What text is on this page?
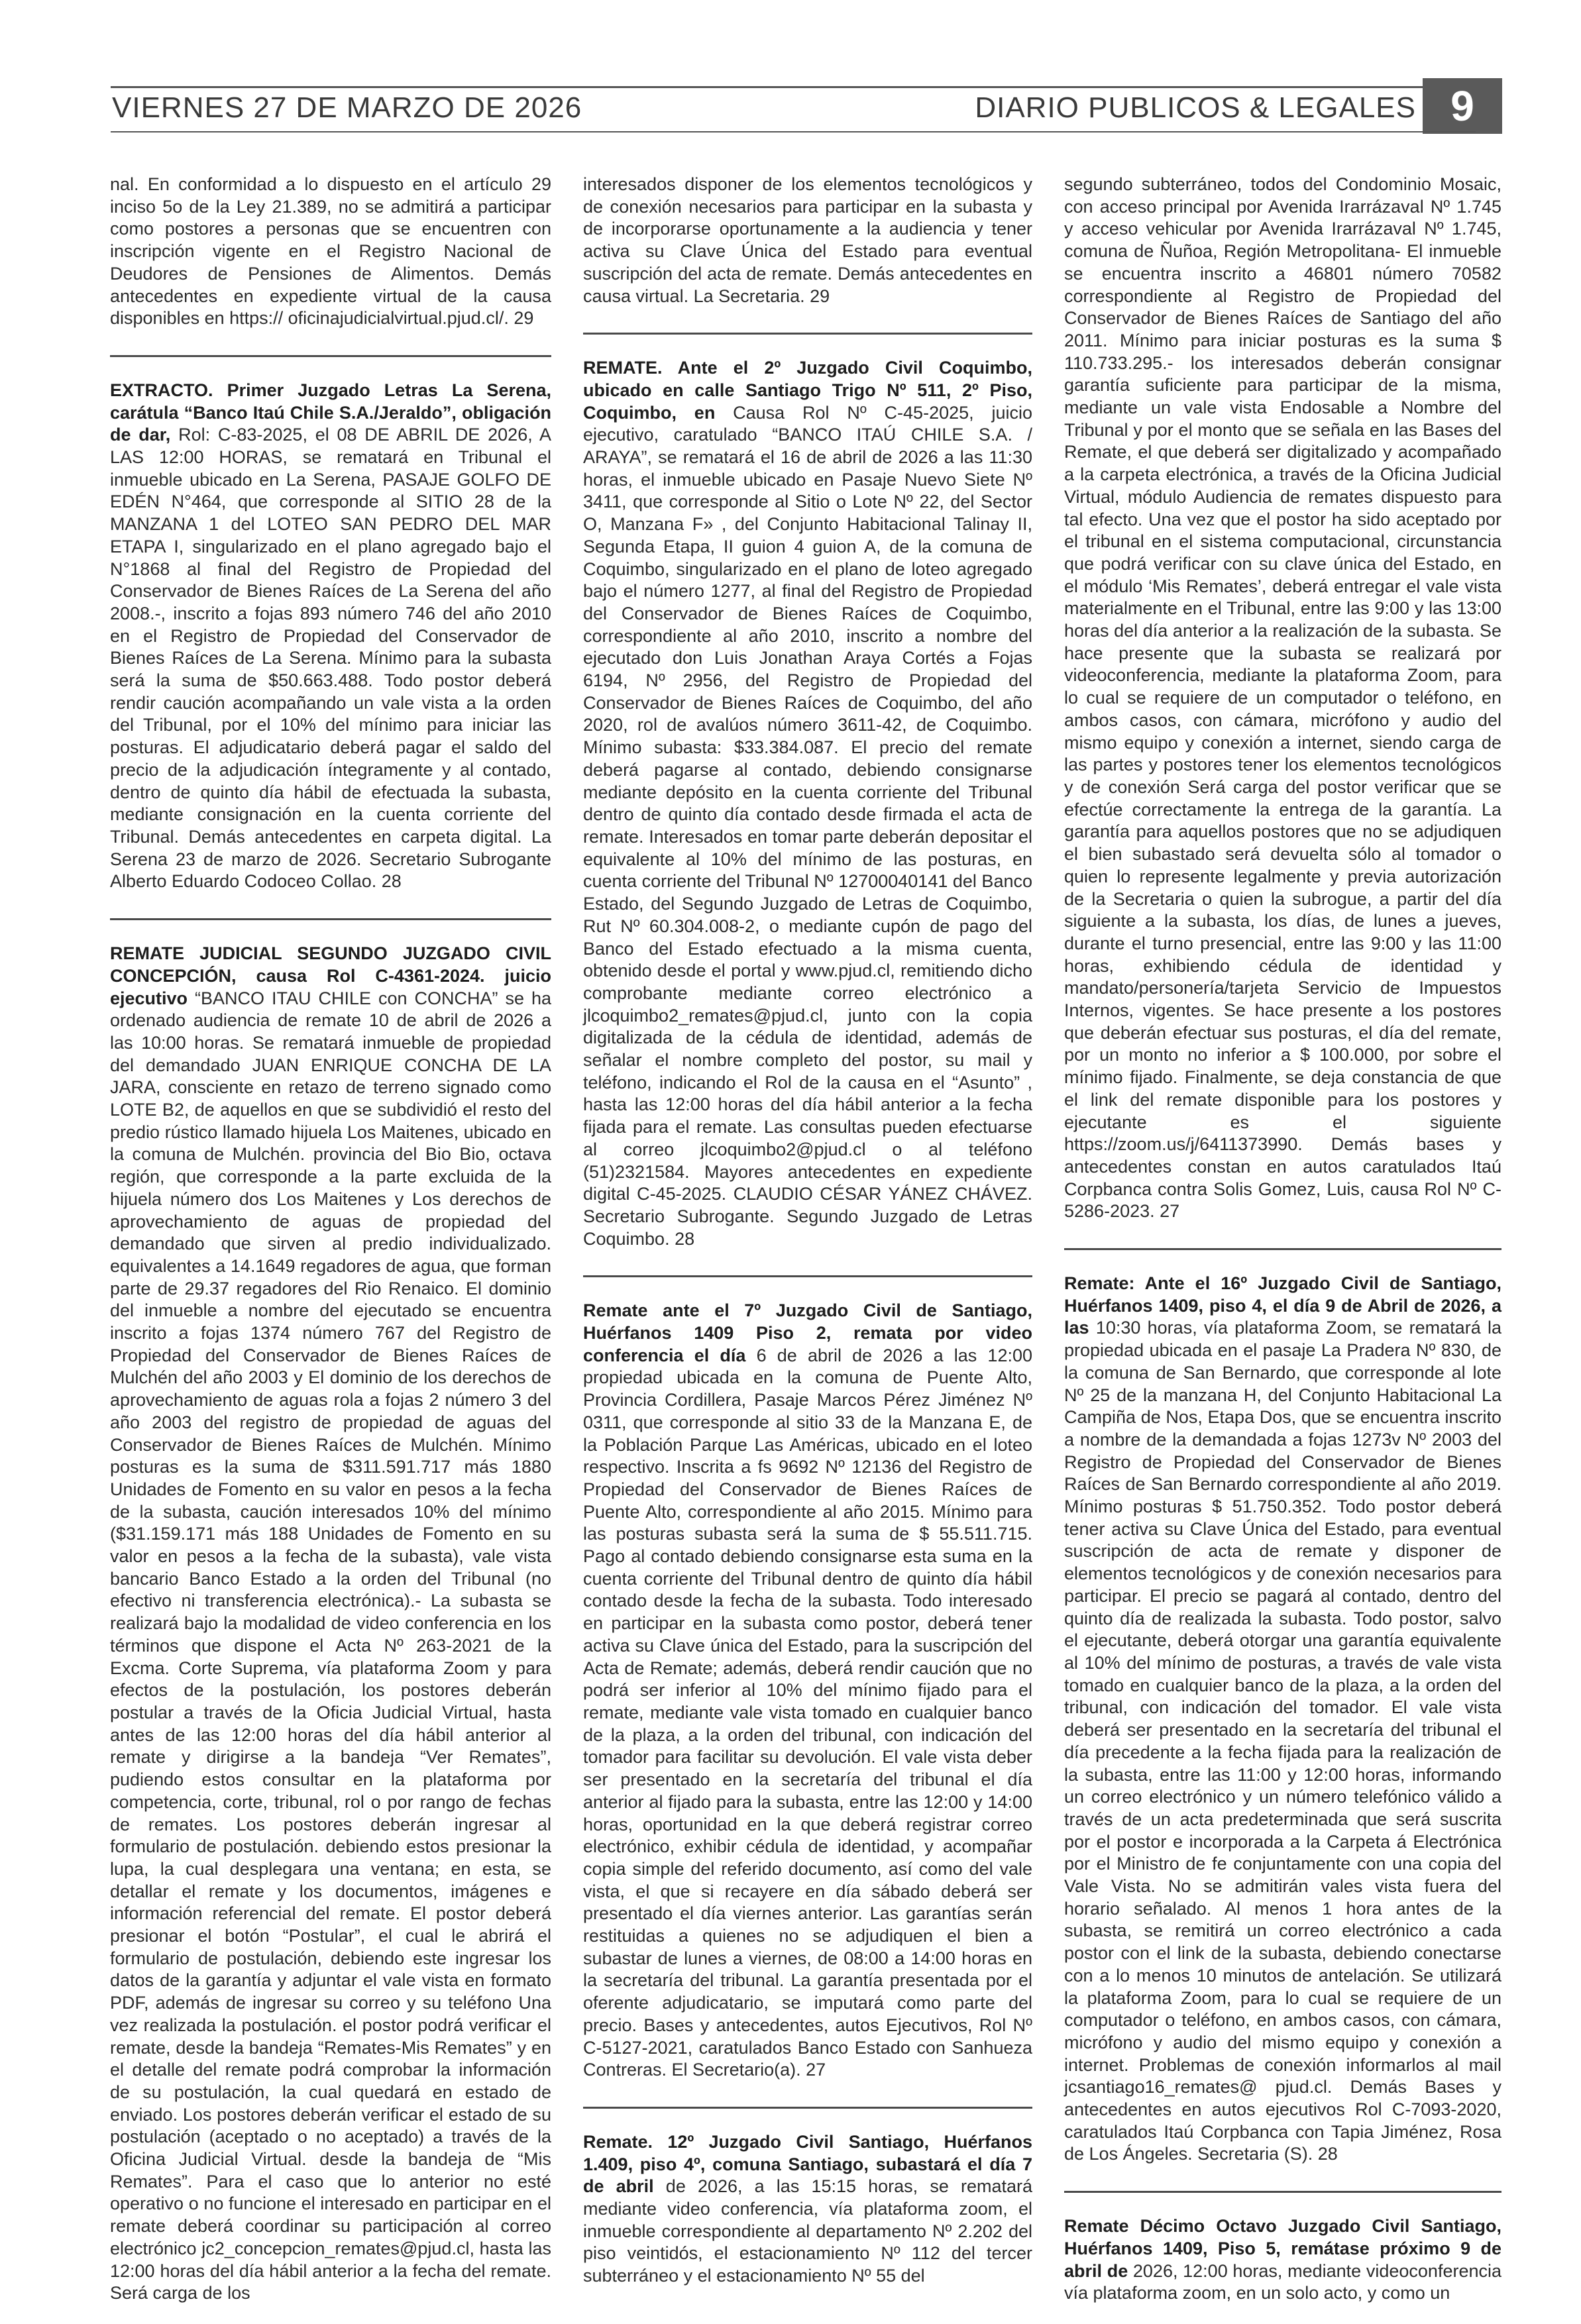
VIERNES 27 DE MARZO DE 2026	DIARIO PUBLICOS & LEGALES 9

nal. En conformidad a lo dispuesto en el artículo 29 inciso 5o de la Ley 21.389, no se admitirá a participar como postores a personas que se encuentren con inscripción vigente en el Registro Nacional de Deudores de Pensiones de Alimentos. Demás antecedentes en expediente virtual de la causa disponibles en https:// oficinajudicialvirtual.pjud.cl/. 29

EXTRACTO. Primer Juzgado Letras La Serena, carátula “Banco Itaú Chile S.A./Jeraldo”, obligación de dar, Rol: C-83-2025, el 08 DE ABRIL DE 2026, A LAS 12:00 HORAS, se rematará en Tribunal el inmueble ubicado en La Serena, PASAJE GOLFO DE EDÉN N°464, que corresponde al SITIO 28 de la MANZANA 1 del LOTEO SAN PEDRO DEL MAR ETAPA I, singularizado en el plano agregado bajo el N°1868 al final del Registro de Propiedad del Conservador de Bienes Raíces de La Serena del año 2008.-, inscrito a fojas 893 número 746 del año 2010 en el Registro de Propiedad del Conservador de Bienes Raíces de La Serena. Mínimo para la subasta será la suma de $50.663.488. Todo postor deberá rendir caución acompañando un vale vista a la orden del Tribunal, por el 10% del mínimo para iniciar las posturas. El adjudicatario deberá pagar el saldo del precio de la adjudicación íntegramente y al contado, dentro de quinto día hábil de efectuada la subasta, mediante consignación en la cuenta corriente del Tribunal. Demás antecedentes en carpeta digital. La Serena 23 de marzo de 2026. Secretario Subrogante Alberto Eduardo Codoceo Collao. 28

REMATE JUDICIAL SEGUNDO JUZGADO CIVIL CONCEPCIÓN, causa Rol C-4361-2024. juicio ejecutivo “BANCO ITAU CHILE con CONCHA” se ha ordenado audiencia de remate 10 de abril de 2026 a las 10:00 horas. Se rematará inmueble de propiedad del demandado JUAN ENRIQUE CONCHA DE LA JARA, consciente en retazo de terreno signado como LOTE B2, de aquellos en que se subdividió el resto del predio rústico llamado hijuela Los Maitenes, ubicado en la comuna de Mulchén. provincia del Bio Bio, octava región, que corresponde a la parte excluida de la hijuela número dos Los Maitenes y Los derechos de aprovechamiento de aguas de propiedad del demandado que sirven al predio individualizado. equivalentes a 14.1649 regadores de agua, que forman parte de 29.37 regadores del Rio Renaico. El dominio del inmueble a nombre del ejecutado se encuentra inscrito a fojas 1374 número 767 del Registro de Propiedad del Conservador de Bienes Raíces de Mulchén del año 2003 y El dominio de los derechos de aprovechamiento de aguas rola a fojas 2 número 3 del año 2003 del registro de propiedad de aguas del Conservador de Bienes Raíces de Mulchén. Mínimo posturas es la suma de $311.591.717 más 1880 Unidades de Fomento en su valor en pesos a la fecha de la subasta, caución interesados 10% del mínimo ($31.159.171 más 188 Unidades de Fomento en su valor en pesos a la fecha de la subasta), vale vista bancario Banco Estado a la orden del Tribunal (no efectivo ni transferencia electrónica).- La subasta se realizará bajo la modalidad de video conferencia en los términos que dispone el Acta Nº 263-2021 de la Excma. Corte Suprema, vía plataforma Zoom y para efectos de la postulación, los postores deberán postular a través de la Oficia Judicial Virtual, hasta antes de las 12:00 horas del día hábil anterior al remate y dirigirse a la bandeja “Ver Remates”, pudiendo estos consultar en la plataforma por competencia, corte, tribunal, rol o por rango de fechas de remates. Los postores deberán ingresar al formulario de postulación. debiendo estos presionar la lupa, la cual desplegara una ventana; en esta, se detallar el remate y los documentos, imágenes e información referencial del remate. El postor deberá presionar el botón “Postular”, el cual le abrirá el formulario de postulación, debiendo este ingresar los datos de la garantía y adjuntar el vale vista en formato PDF, además de ingresar su correo y su teléfono Una vez realizada la postulación. el postor podrá verificar el remate, desde la bandeja “Remates-Mis Remates” y en el detalle del remate podrá comprobar la información de su postulación, la cual quedará en estado de enviado. Los postores deberán verificar el estado de su postulación (aceptado o no aceptado) a través de la Oficina Judicial Virtual. desde la bandeja de “Mis Remates”. Para el caso que lo anterior no esté operativo o no funcione el interesado en participar en el remate deberá coordinar su participación al correo electrónico jc2_concepcion_remates@pjud.cl, hasta las 12:00 horas del día hábil anterior a la fecha del remate. Será carga de los

interesados disponer de los elementos tecnológicos y de conexión necesarios para participar en la subasta y de incorporarse oportunamente a la audiencia y tener activa su Clave Única del Estado para eventual suscripción del acta de remate. Demás antecedentes en causa virtual. La Secretaria. 29

REMATE. Ante el 2º Juzgado Civil Coquimbo, ubicado en calle Santiago Trigo Nº 511, 2º Piso, Coquimbo, en Causa Rol Nº C-45-2025, juicio ejecutivo, caratulado “BANCO ITAÚ CHILE S.A. / ARAYA”, se rematará el 16 de abril de 2026 a las 11:30 horas, el inmueble ubicado en Pasaje Nuevo Siete Nº 3411, que corresponde al Sitio o Lote Nº 22, del Sector O, Manzana F» , del Conjunto Habitacional Talinay II, Segunda Etapa, II guion 4 guion A, de la comuna de Coquimbo, singularizado en el plano de loteo agregado bajo el número 1277, al final del Registro de Propiedad del Conservador de Bienes Raíces de Coquimbo, correspondiente al año 2010, inscrito a nombre del ejecutado don Luis Jonathan Araya Cortés a Fojas 6194, Nº 2956, del Registro de Propiedad del Conservador de Bienes Raíces de Coquimbo, del año 2020, rol de avalúos número 3611-42, de Coquimbo. Mínimo subasta: $33.384.087. El precio del remate deberá pagarse al contado, debiendo consignarse mediante depósito en la cuenta corriente del Tribunal dentro de quinto día contado desde firmada el acta de remate. Interesados en tomar parte deberán depositar el equivalente al 10% del mínimo de las posturas, en cuenta corriente del Tribunal Nº 12700040141 del Banco Estado, del Segundo Juzgado de Letras de Coquimbo, Rut Nº 60.304.008-2, o mediante cupón de pago del Banco del Estado efectuado a la misma cuenta, obtenido desde el portal y www.pjud.cl, remitiendo dicho comprobante mediante correo electrónico a jlcoquimbo2_remates@pjud.cl, junto con la copia digitalizada de la cédula de identidad, además de señalar el nombre completo del postor, su mail y teléfono, indicando el Rol de la causa en el “Asunto” , hasta las 12:00 horas del día hábil anterior a la fecha fijada para el remate. Las consultas pueden efectuarse al correo jlcoquimbo2@pjud.cl o al teléfono (51)2321584. Mayores antecedentes en expediente digital C-45-2025. CLAUDIO CÉSAR YÁNEZ CHÁVEZ. Secretario Subrogante. Segundo Juzgado de Letras Coquimbo. 28

Remate ante el 7º Juzgado Civil de Santiago, Huérfanos 1409 Piso 2, remata por video conferencia el día 6 de abril de 2026 a las 12:00 propiedad ubicada en la comuna de Puente Alto, Provincia Cordillera, Pasaje Marcos Pérez Jiménez Nº 0311, que corresponde al sitio 33 de la Manzana E, de la Población Parque Las Américas, ubicado en el loteo respectivo. Inscrita a fs 9692 Nº 12136 del Registro de Propiedad del Conservador de Bienes Raíces de Puente Alto, correspondiente al año 2015. Mínimo para las posturas subasta será la suma de $ 55.511.715. Pago al contado debiendo consignarse esta suma en la cuenta corriente del Tribunal dentro de quinto día hábil contado desde la fecha de la subasta. Todo interesado en participar en la subasta como postor, deberá tener activa su Clave única del Estado, para la suscripción del Acta de Remate; además, deberá rendir caución que no podrá ser inferior al 10% del mínimo fijado para el remate, mediante vale vista tomado en cualquier banco de la plaza, a la orden del tribunal, con indicación del tomador para facilitar su devolución. El vale vista deber ser presentado en la secretaría del tribunal el día anterior al fijado para la subasta, entre las 12:00 y 14:00 horas, oportunidad en la que deberá registrar correo electrónico, exhibir cédula de identidad, y acompañar copia simple del referido documento, así como del vale vista, el que si recayere en día sábado deberá ser presentado el día viernes anterior. Las garantías serán restituidas a quienes no se adjudiquen el bien a subastar de lunes a viernes, de 08:00 a 14:00 horas en la secretaría del tribunal. La garantía presentada por el oferente adjudicatario, se imputará como parte del precio. Bases y antecedentes, autos Ejecutivos, Rol Nº C-5127-2021, caratulados Banco Estado con Sanhueza Contreras. El Secretario(a). 27

Remate. 12º Juzgado Civil Santiago, Huérfanos 1.409, piso 4º, comuna Santiago, subastará el día 7 de abril de 2026, a las 15:15 horas, se rematará mediante video conferencia, vía plataforma zoom, el inmueble correspondiente al departamento Nº 2.202 del piso veintidós, el estacionamiento Nº 112 del tercer subterráneo y el estacionamiento Nº 55 del

segundo subterráneo, todos del Condominio Mosaic, con acceso principal por Avenida Irarrázaval Nº 1.745 y acceso vehicular por Avenida Irarrázaval Nº 1.745, comuna de Ñuñoa, Región Metropolitana- El inmueble se encuentra inscrito a 46801 número 70582 correspondiente al Registro de Propiedad del Conservador de Bienes Raíces de Santiago del año 2011. Mínimo para iniciar posturas es la suma $ 110.733.295.- los interesados deberán consignar garantía suficiente para participar de la misma, mediante un vale vista Endosable a Nombre del Tribunal y por el monto que se señala en las Bases del Remate, el que deberá ser digitalizado y acompañado a la carpeta electrónica, a través de la Oficina Judicial Virtual, módulo Audiencia de remates dispuesto para tal efecto. Una vez que el postor ha sido aceptado por el tribunal en el sistema computacional, circunstancia que podrá verificar con su clave única del Estado, en el módulo ‘Mis Remates’, deberá entregar el vale vista materialmente en el Tribunal, entre las 9:00 y las 13:00 horas del día anterior a la realización de la subasta. Se hace presente que la subasta se realizará por videoconferencia, mediante la plataforma Zoom, para lo cual se requiere de un computador o teléfono, en ambos casos, con cámara, micrófono y audio del mismo equipo y conexión a internet, siendo carga de las partes y postores tener los elementos tecnológicos y de conexión Será carga del postor verificar que se efectúe correctamente la entrega de la garantía. La garantía para aquellos postores que no se adjudiquen el bien subastado será devuelta sólo al tomador o quien lo represente legalmente y previa autorización de la Secretaria o quien la subrogue, a partir del día siguiente a la subasta, los días, de lunes a jueves, durante el turno presencial, entre las 9:00 y las 11:00 horas, exhibiendo cédula de identidad y mandato/personería/tarjeta Servicio de Impuestos Internos, vigentes. Se hace presente a los postores que deberán efectuar sus posturas, el día del remate, por un monto no inferior a $ 100.000, por sobre el mínimo fijado. Finalmente, se deja constancia de que el link del remate disponible para los postores y ejecutante es el siguiente https://zoom.us/j/6411373990. Demás bases y antecedentes constan en autos caratulados Itaú Corpbanca contra Solis Gomez, Luis, causa Rol Nº C-5286-2023. 27

Remate: Ante el 16º Juzgado Civil de Santiago, Huérfanos 1409, piso 4, el día 9 de Abril de 2026, a las 10:30 horas, vía plataforma Zoom, se rematará la propiedad ubicada en el pasaje La Pradera Nº 830, de la comuna de San Bernardo, que corresponde al lote Nº 25 de la manzana H, del Conjunto Habitacional La Campiña de Nos, Etapa Dos, que se encuentra inscrito a nombre de la demandada a fojas 1273v Nº 2003 del Registro de Propiedad del Conservador de Bienes Raíces de San Bernardo correspondiente al año 2019. Mínimo posturas $ 51.750.352. Todo postor deberá tener activa su Clave Única del Estado, para eventual suscripción de acta de remate y disponer de elementos tecnológicos y de conexión necesarios para participar. El precio se pagará al contado, dentro del quinto día de realizada la subasta. Todo postor, salvo el ejecutante, deberá otorgar una garantía equivalente al 10% del mínimo de posturas, a través de vale vista tomado en cualquier banco de la plaza, a la orden del tribunal, con indicación del tomador. El vale vista deberá ser presentado en la secretaría del tribunal el día precedente a la fecha fijada para la realización de la subasta, entre las 11:00 y 12:00 horas, informando un correo electrónico y un número telefónico válido a través de un acta predeterminada que será suscrita por el postor e incorporada a la Carpeta á Electrónica por el Ministro de fe conjuntamente con una copia del Vale Vista. No se admitirán vales vista fuera del horario señalado. Al menos 1 hora antes de la subasta, se remitirá un correo electrónico a cada postor con el link de la subasta, debiendo conectarse con a lo menos 10 minutos de antelación. Se utilizará la plataforma Zoom, para lo cual se requiere de un computador o teléfono, en ambos casos, con cámara, micrófono y audio del mismo equipo y conexión a internet. Problemas de conexión informarlos al mail jcsantiago16_remates@ pjud.cl. Demás Bases y antecedentes en autos ejecutivos Rol C-7093-2020, caratulados Itaú Corpbanca con Tapia Jiménez, Rosa de Los Ángeles. Secretaria (S). 28

Remate Décimo Octavo Juzgado Civil Santiago, Huérfanos 1409, Piso 5, remátase próximo 9 de abril de 2026, 12:00 horas, mediante videoconferencia vía plataforma zoom, en un solo acto, y como un
